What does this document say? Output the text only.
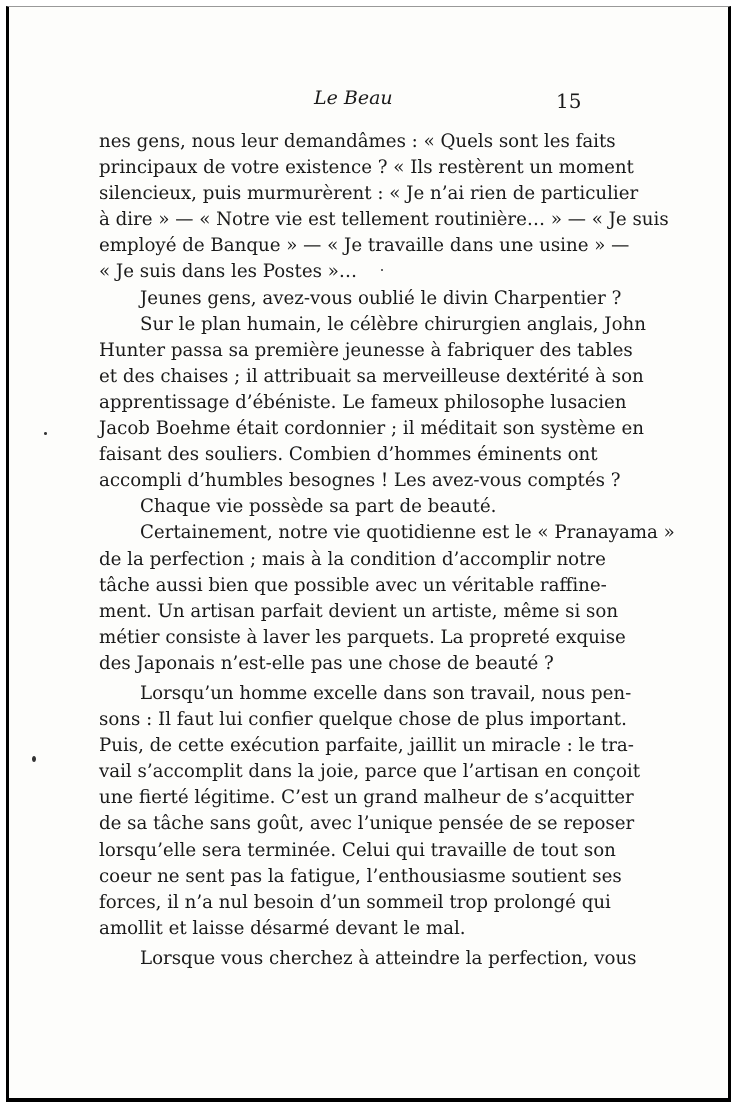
Le Beau	15
nes gens, nous leur demandâmes : « Quels sont les faits
principaux de votre existence ? « Ils restèrent un moment
silencieux, puis murmurèrent : « Je n’ai rien de particulier
à dire » — « Notre vie est tellement routinière… » — « Je suis
employé de Banque » — « Je travaille dans une usine » —
« Je suis dans les Postes »…
Jeunes gens, avez-vous oublié le divin Charpentier ?
Sur le plan humain, le célèbre chirurgien anglais, John
Hunter passa sa première jeunesse à fabriquer des tables
et des chaises ; il attribuait sa merveilleuse dextérité à son
apprentissage d’ébéniste. Le fameux philosophe lusacien
Jacob Boehme était cordonnier ; il méditait son système en
faisant des souliers. Combien d’hommes éminents ont
accompli d’humbles besognes ! Les avez-vous comptés ?
Chaque vie possède sa part de beauté.
Certainement, notre vie quotidienne est le « Pranayama »
de la perfection ; mais à la condition d’accomplir notre
tâche aussi bien que possible avec un véritable raffine-
ment. Un artisan parfait devient un artiste, même si son
métier consiste à laver les parquets. La propreté exquise
des Japonais n’est-elle pas une chose de beauté ?
Lorsqu’un homme excelle dans son travail, nous pen-
sons : Il faut lui confier quelque chose de plus important.
Puis, de cette exécution parfaite, jaillit un miracle : le tra-
vail s’accomplit dans la joie, parce que l’artisan en conçoit
une fierté légitime. C’est un grand malheur de s’acquitter
de sa tâche sans goût, avec l’unique pensée de se reposer
lorsqu’elle sera terminée. Celui qui travaille de tout son
coeur ne sent pas la fatigue, l’enthousiasme soutient ses
forces, il n’a nul besoin d’un sommeil trop prolongé qui
amollit et laisse désarmé devant le mal.
Lorsque vous cherchez à atteindre la perfection, vous
